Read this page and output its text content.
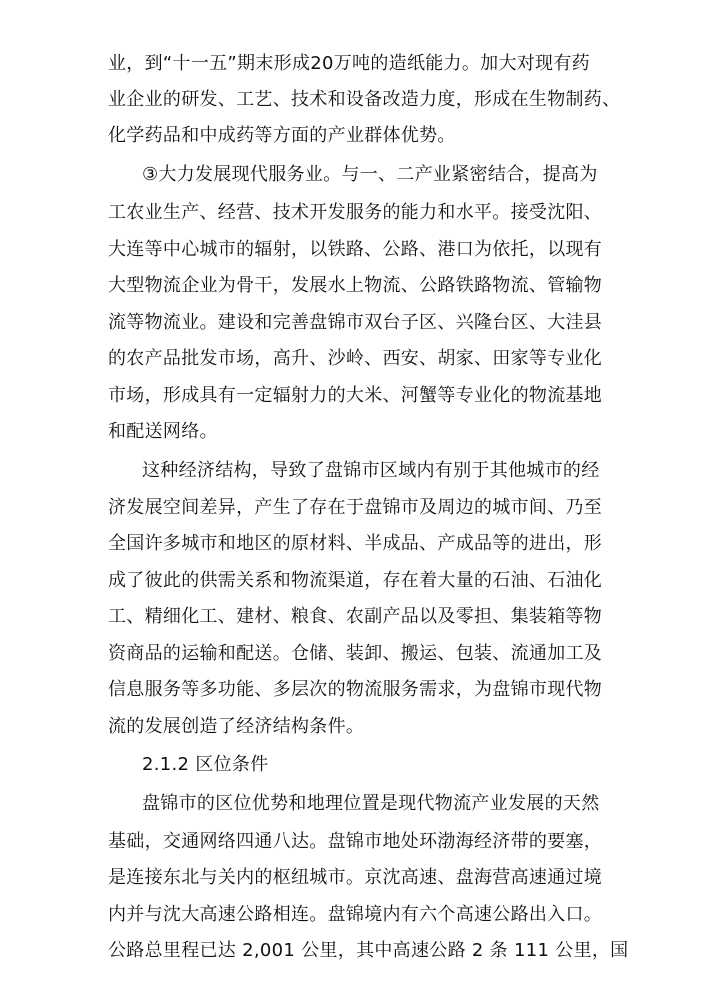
业，到“十一五”期末形成20万吨的造纸能力。加大对现有药
业企业的研发、工艺、技术和设备改造力度，形成在生物制药、
化学药品和中成药等方面的产业群体优势。
③大力发展现代服务业。与一、二产业紧密结合，提高为
工农业生产、经营、技术开发服务的能力和水平。接受沈阳、
大连等中心城市的辐射，以铁路、公路、港口为依托，以现有
大型物流企业为骨干，发展水上物流、公路铁路物流、管输物
流等物流业。建设和完善盘锦市双台子区、兴隆台区、大洼县
的农产品批发市场，高升、沙岭、西安、胡家、田家等专业化
市场，形成具有一定辐射力的大米、河蟹等专业化的物流基地
和配送网络。
这种经济结构，导致了盘锦市区域内有别于其他城市的经
济发展空间差异，产生了存在于盘锦市及周边的城市间、乃至
全国许多城市和地区的原材料、半成品、产成品等的进出，形
成了彼此的供需关系和物流渠道，存在着大量的石油、石油化
工、精细化工、建材、粮食、农副产品以及零担、集装箱等物
资商品的运输和配送。仓储、装卸、搬运、包装、流通加工及
信息服务等多功能、多层次的物流服务需求，为盘锦市现代物
流的发展创造了经济结构条件。
2.1.2 区位条件
盘锦市的区位优势和地理位置是现代物流产业发展的天然
基础，交通网络四通八达。盘锦市地处环渤海经济带的要塞，
是连接东北与关内的枢纽城市。京沈高速、盘海营高速通过境
内并与沈大高速公路相连。盘锦境内有六个高速公路出入口。
公路总里程已达 2,001 公里，其中高速公路 2 条 111 公里，国
